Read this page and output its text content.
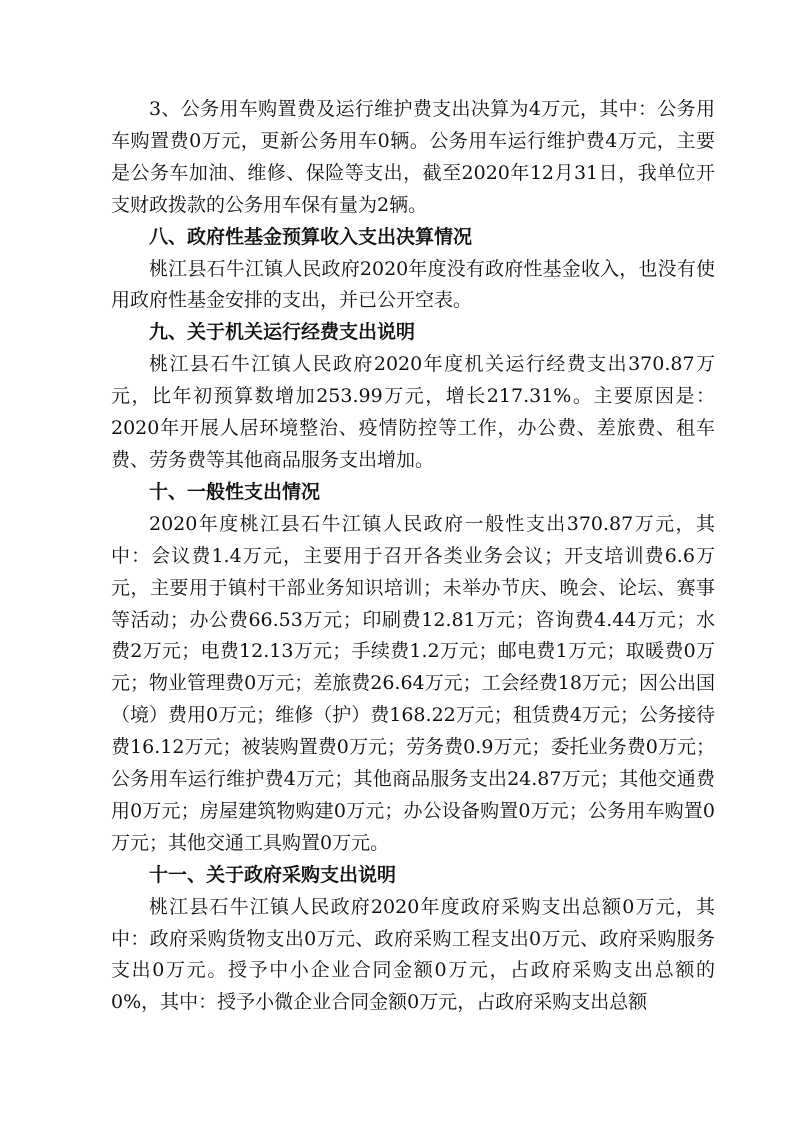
3、公务用车购置费及运行维护费支出决算为4万元，其中：公务用车购置费0万元，更新公务用车0辆。公务用车运行维护费4万元，主要是公务车加油、维修、保险等支出，截至2020年12月31日，我单位开支财政拨款的公务用车保有量为2辆。

八、政府性基金预算收入支出决算情况

桃江县石牛江镇人民政府2020年度没有政府性基金收入，也没有使用政府性基金安排的支出，并已公开空表。

九、关于机关运行经费支出说明

桃江县石牛江镇人民政府2020年度机关运行经费支出370.87万元，比年初预算数增加253.99万元，增长217.31%。主要原因是：2020年开展人居环境整治、疫情防控等工作，办公费、差旅费、租车费、劳务费等其他商品服务支出增加。

十、一般性支出情况

2020年度桃江县石牛江镇人民政府一般性支出370.87万元，其中：会议费1.4万元，主要用于召开各类业务会议；开支培训费6.6万元，主要用于镇村干部业务知识培训；未举办节庆、晚会、论坛、赛事等活动；办公费66.53万元；印刷费12.81万元；咨询费4.44万元；水费2万元；电费12.13万元；手续费1.2万元；邮电费1万元；取暖费0万元；物业管理费0万元；差旅费26.64万元；工会经费18万元；因公出国（境）费用0万元；维修（护）费168.22万元；租赁费4万元；公务接待费16.12万元；被装购置费0万元；劳务费0.9万元；委托业务费0万元；公务用车运行维护费4万元；其他商品服务支出24.87万元；其他交通费用0万元；房屋建筑物购建0万元；办公设备购置0万元；公务用车购置0万元；其他交通工具购置0万元。

十一、关于政府采购支出说明

桃江县石牛江镇人民政府2020年度政府采购支出总额0万元，其中：政府采购货物支出0万元、政府采购工程支出0万元、政府采购服务支出0万元。授予中小企业合同金额0万元，占政府采购支出总额的0%，其中：授予小微企业合同金额0万元，占政府采购支出总额
